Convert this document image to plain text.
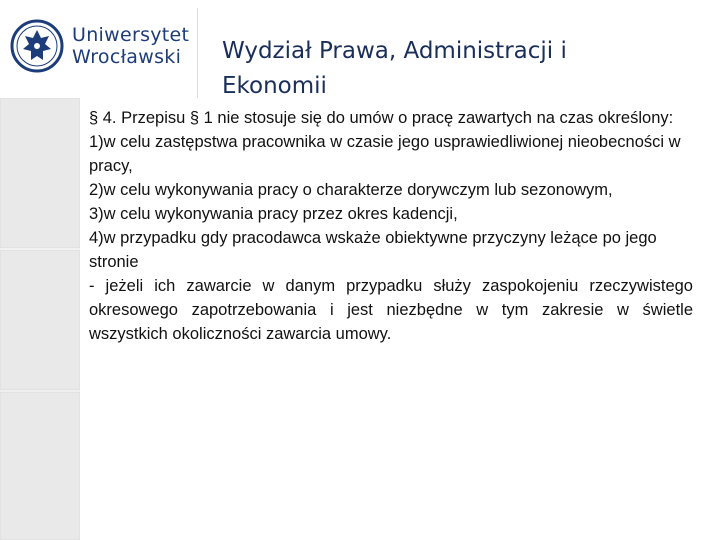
Uniwersytet
Wrocławski	Wydział Prawa, Administracji i Ekonomii

§ 4. Przepisu § 1 nie stosuje się do umów o pracę zawartych na czas określony: 1)w celu zastępstwa pracownika w czasie jego usprawiedliwionej nieobecności w pracy,

2)w celu wykonywania pracy o charakterze dorywczym lub sezonowym,

3)w celu wykonywania pracy przez okres kadencji,

4)w przypadku gdy pracodawca wskaże obiektywne przyczyny leżące po jego stronie

- jeżeli ich zawarcie w danym przypadku służy zaspokojeniu rzeczywistego okresowego zapotrzebowania i jest niezbędne w tym zakresie w świetle wszystkich okoliczności zawarcia umowy.
